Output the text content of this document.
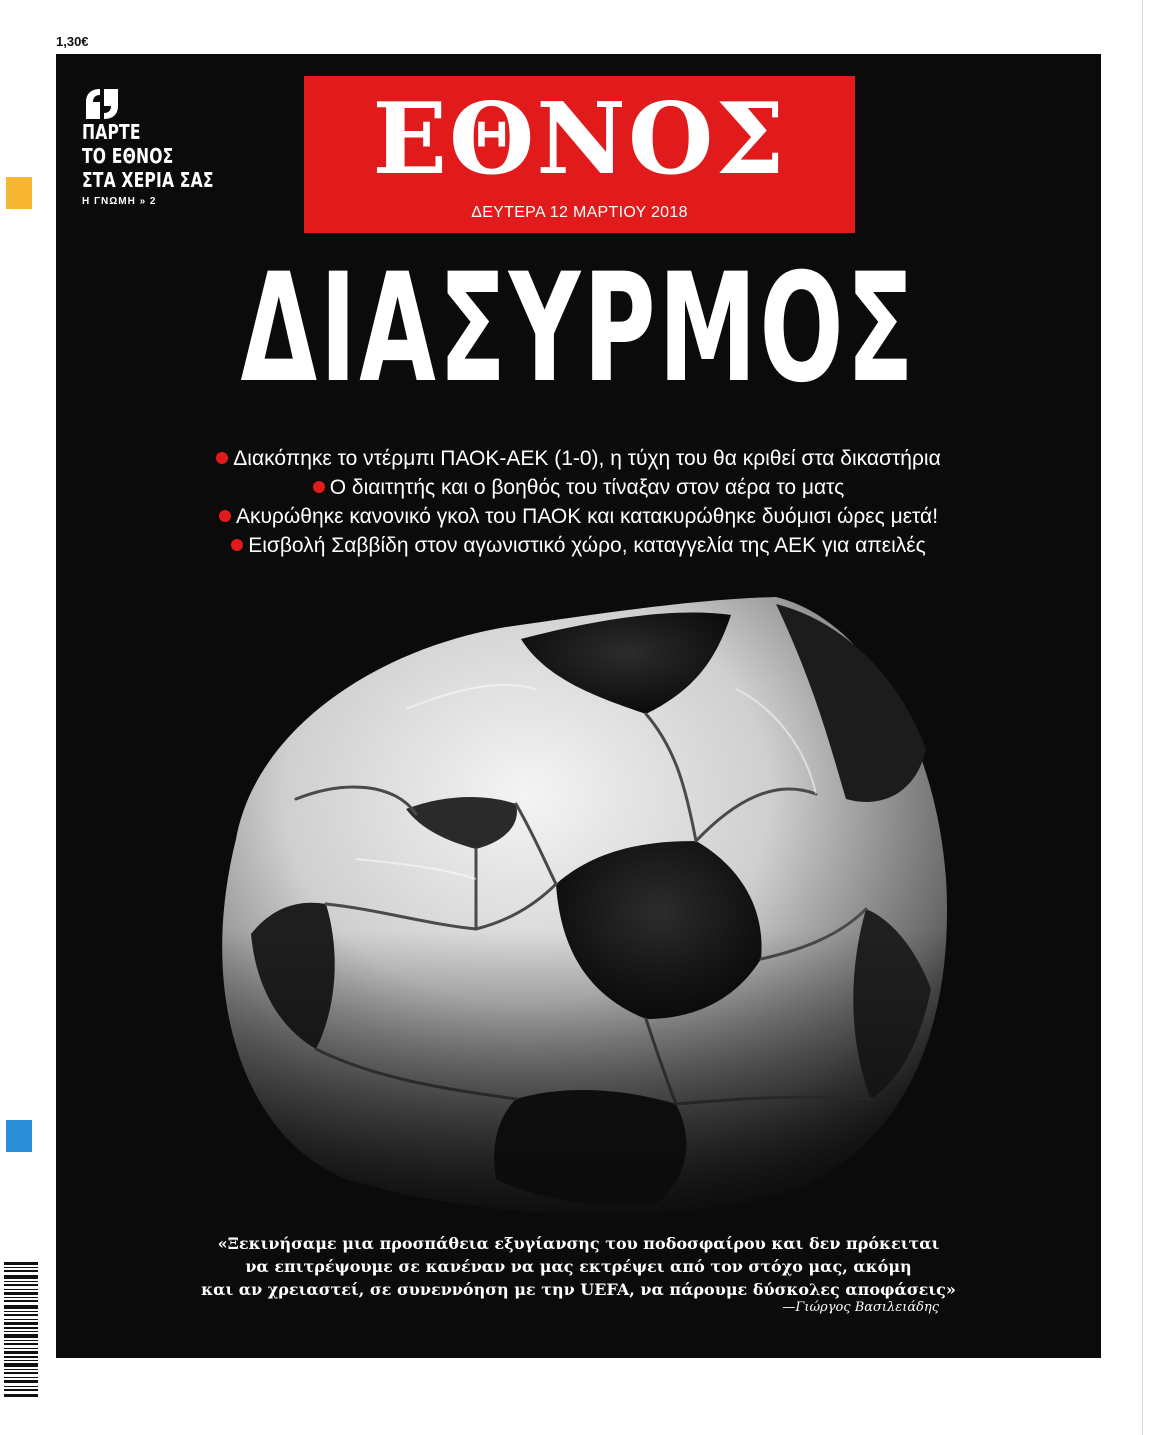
1,30€
ΠΑΡΤΕ
ΤΟ ΕΘΝΟΣ
ΣΤΑ ΧΕΡΙΑ ΣΑΣ
Η ΓΝΩΜΗ » 2
ΕΘΝΟΣ
ΔΕΥΤΕΡΑ 12 ΜΑΡΤΙΟΥ 2018
ΔΙΑΣΥΡΜΟΣ
Διακόπηκε το ντέρμπι ΠΑΟΚ-ΑΕΚ (1-0), η τύχη του θα κριθεί στα δικαστήρια
Ο διαιτητής και ο βοηθός του τίναξαν στον αέρα το ματς
Ακυρώθηκε κανονικό γκολ του ΠΑΟΚ και κατακυρώθηκε δυόμισι ώρες μετά!
Εισβολή Σαββίδη στον αγωνιστικό χώρο, καταγγελία της ΑΕΚ για απειλές
«Ξεκινήσαμε μια προσπάθεια εξυγίανσης του ποδοσφαίρου και δεν πρόκειται
να επιτρέψουμε σε κανέναν να μας εκτρέψει από τον στόχο μας, ακόμη
και αν χρειαστεί, σε συνεννόηση με την UEFA, να πάρουμε δύσκολες αποφάσεις»
—Γιώργος Βασιλειάδης
